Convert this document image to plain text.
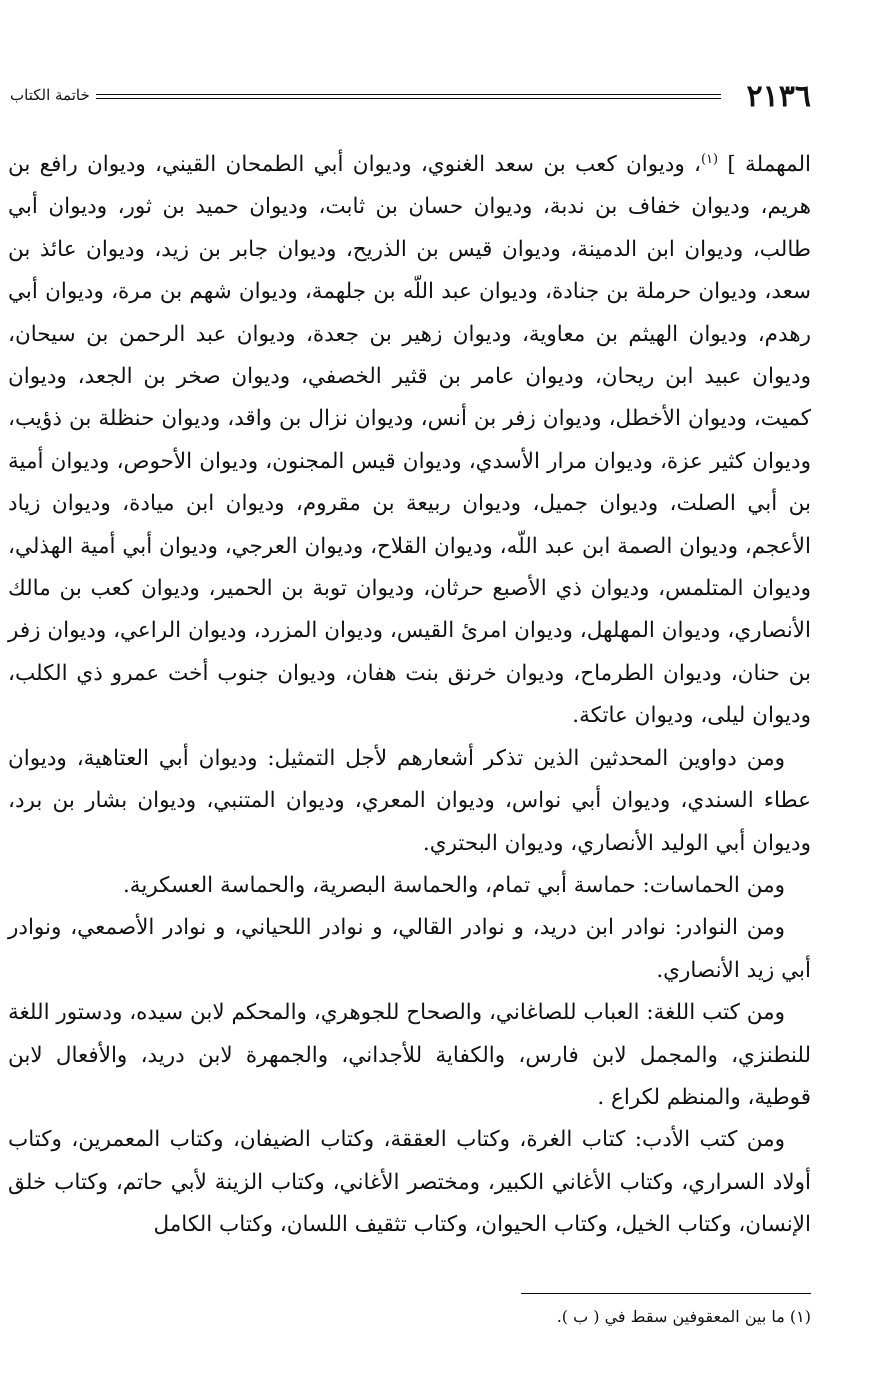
٢١٣٦
خاتمة الكتاب

المهملة ] $^{(١)}$، وديوان كعب بن سعد الغنوي، وديوان أبي الطمحان القيني، وديوان رافع بن هريم، وديوان خفاف بن ندبة، وديوان حسان بن ثابت، وديوان حميد بن ثور، وديوان أبي طالب، وديوان ابن الدمينة، وديوان قيس بن الذريح، وديوان جابر بن زيد، وديوان عائذ بن سعد، وديوان حرملة بن جنادة، وديوان عبد اللّه بن جلهمة، وديوان شهم بن مرة، وديوان أبي رهدم، وديوان الهيثم بن معاوية، وديوان زهير بن جعدة، وديوان عبد الرحمن بن سيحان، وديوان عبيد ابن ريحان، وديوان عامر بن قثير الخصفي، وديوان صخر بن الجعد، وديوان كميت، وديوان الأخطل، وديوان زفر بن أنس، وديوان نزال بن واقد، وديوان حنظلة بن ذؤيب، وديوان كثير عزة، وديوان مرار الأسدي، وديوان قيس المجنون، وديوان الأحوص، وديوان أمية بن أبي الصلت، وديوان جميل، وديوان ربيعة بن مقروم، وديوان ابن ميادة، وديوان زياد الأعجم، وديوان الصمة ابن عبد اللّه، وديوان القلاح، وديوان العرجي، وديوان أبي أمية الهذلي، وديوان المتلمس، وديوان ذي الأصبع حرثان، وديوان توبة بن الحمير، وديوان كعب بن مالك الأنصاري، وديوان المهلهل، وديوان امرئ القيس، وديوان المزرد، وديوان الراعي، وديوان زفر بن حنان، وديوان الطرماح، وديوان خرنق بنت هفان، وديوان جنوب أخت عمرو ذي الكلب، وديوان ليلى، وديوان عاتكة.

ومن دواوين المحدثين الذين تذكر أشعارهم لأجل التمثيل: وديوان أبي العتاهية، وديوان عطاء السندي، وديوان أبي نواس، وديوان المعري، وديوان المتنبي، وديوان بشار بن برد، وديوان أبي الوليد الأنصاري، وديوان البحتري.

ومن الحماسات: حماسة أبي تمام، والحماسة البصرية، والحماسة العسكرية.

ومن النوادر: نوادر ابن دريد، و نوادر القالي، و نوادر اللحياني، و نوادر الأصمعي، ونوادر أبي زيد الأنصاري.

ومن كتب اللغة: العباب للصاغاني، والصحاح للجوهري، والمحكم لابن سيده، ودستور اللغة للنطنزي، والمجمل لابن فارس، والكفاية للأجداني، والجمهرة لابن دريد، والأفعال لابن قوطية، والمنظم لكراع .

ومن كتب الأدب: كتاب الغرة، وكتاب العققة، وكتاب الضيفان، وكتاب المعمرين، وكتاب أولاد السراري، وكتاب الأغاني الكبير، ومختصر الأغاني، وكتاب الزينة لأبي حاتم، وكتاب خلق الإنسان، وكتاب الخيل، وكتاب الحيوان، وكتاب تثقيف اللسان، وكتاب الكامل

(١) ما بين المعقوفين سقط في ( ب ).
